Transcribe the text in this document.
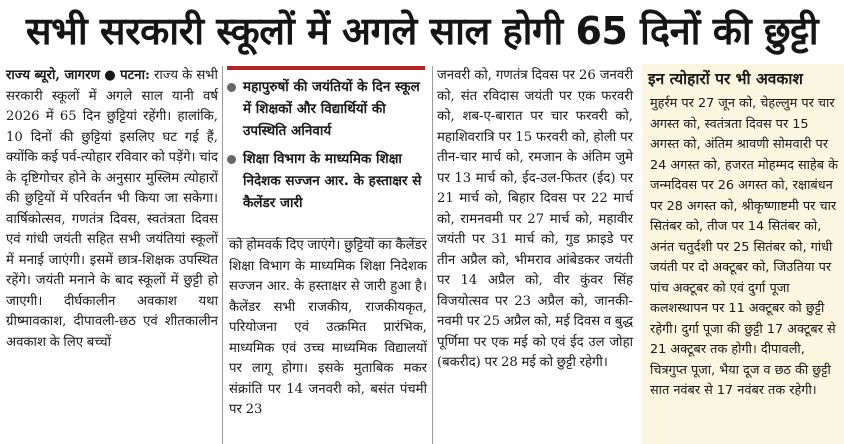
सभी सरकारी स्कूलों में अगले साल होगी 65 दिनों की छुट्टी
राज्य ब्यूरो, जागरण ● पटना: राज्य के सभी सरकारी स्कूलों में अगले साल यानी वर्ष 2026 में 65 दिन छुट्टियां रहेंगी। हालांकि, 10 दिनों की छुट्टियां इसलिए घट गई हैं, क्योंकि कई पर्व-त्योहार रविवार को पड़ेंगे। चांद के दृष्टिगोचर होने के अनुसार मुस्लिम त्योहारों की छुट्टियों में परिवर्तन भी किया जा सकेगा। वार्षिकोत्सव, गणतंत्र दिवस, स्वतंत्रता दिवस एवं गांधी जयंती सहित सभी जयंतियां स्कूलों में मनाई जाएंगी। इसमें छात्र-शिक्षक उपस्थित रहेंगे। जयंती मनाने के बाद स्कूलों में छुट्टी हो जाएगी। दीर्घकालीन अवकाश यथा ग्रीष्मावकाश, दीपावली-छठ एवं शीतकालीन अवकाश के लिए बच्चों
महापुरुषों की जयंतियों के दिन स्कूल में शिक्षकों और विद्यार्थियों की उपस्थिति अनिवार्य
शिक्षा विभाग के माध्यमिक शिक्षा निदेशक सज्जन आर. के हस्ताक्षर से कैलेंडर जारी
को होमवर्क दिए जाएंगे। छुट्टियों का कैलेंडर शिक्षा विभाग के माध्यमिक शिक्षा निदेशक सज्जन आर. के हस्ताक्षर से जारी हुआ है। कैलेंडर सभी राजकीय, राजकीयकृत, परियोजना एवं उत्क्रमित प्रारंभिक, माध्यमिक एवं उच्च माध्यमिक विद्यालयों पर लागू होगा। इसके मुताबिक मकर संक्रांति पर 14 जनवरी को, बसंत पंचमी पर 23
जनवरी को, गणतंत्र दिवस पर 26 जनवरी को, संत रविदास जयंती पर एक फरवरी को, शब-ए-बारात पर चार फरवरी को, महाशिवरात्रि पर 15 फरवरी को, होली पर तीन-चार मार्च को, रमजान के अंतिम जुमे पर 13 मार्च को, ईद-उल-फितर (ईद) पर 21 मार्च को, बिहार दिवस पर 22 मार्च को, रामनवमी पर 27 मार्च को, महावीर जयंती पर 31 मार्च को, गुड फ्राइडे पर तीन अप्रैल को, भीमराव आंबेडकर जयंती पर 14 अप्रैल को, वीर कुंवर सिंह विजयोत्सव पर 23 अप्रैल को, जानकी-नवमी पर 25 अप्रैल को, मई दिवस व बुद्ध पूर्णिमा पर एक मई को एवं ईद उल जोहा (बकरीद) पर 28 मई को छुट्टी रहेगी।
इन त्योहारों पर भी अवकाश
मुहर्रम पर 27 जून को, चेहल्लुम पर चार अगस्त को, स्वतंत्रता दिवस पर 15 अगस्त को, अंतिम श्रावणी सोमवारी पर 24 अगस्त को, हजरत मोहम्मद साहेब के जन्मदिवस पर 26 अगस्त को, रक्षाबंधन पर 28 अगस्त को, श्रीकृष्णाष्टमी पर चार सितंबर को, तीज पर 14 सितंबर को, अनंत चतुर्दशी पर 25 सितंबर को, गांधी जयंती पर दो अक्टूबर को, जिउतिया पर पांच अक्टूबर को एवं दुर्गा पूजा कलशस्थापन पर 11 अक्टूबर को छुट्टी रहेगी। दुर्गा पूजा की छुट्टी 17 अक्टूबर से 21 अक्टूबर तक होगी। दीपावली, चित्रगुप्त पूजा, भैया दूज व छठ की छुट्टी सात नवंबर से 17 नवंबर तक रहेगी।
